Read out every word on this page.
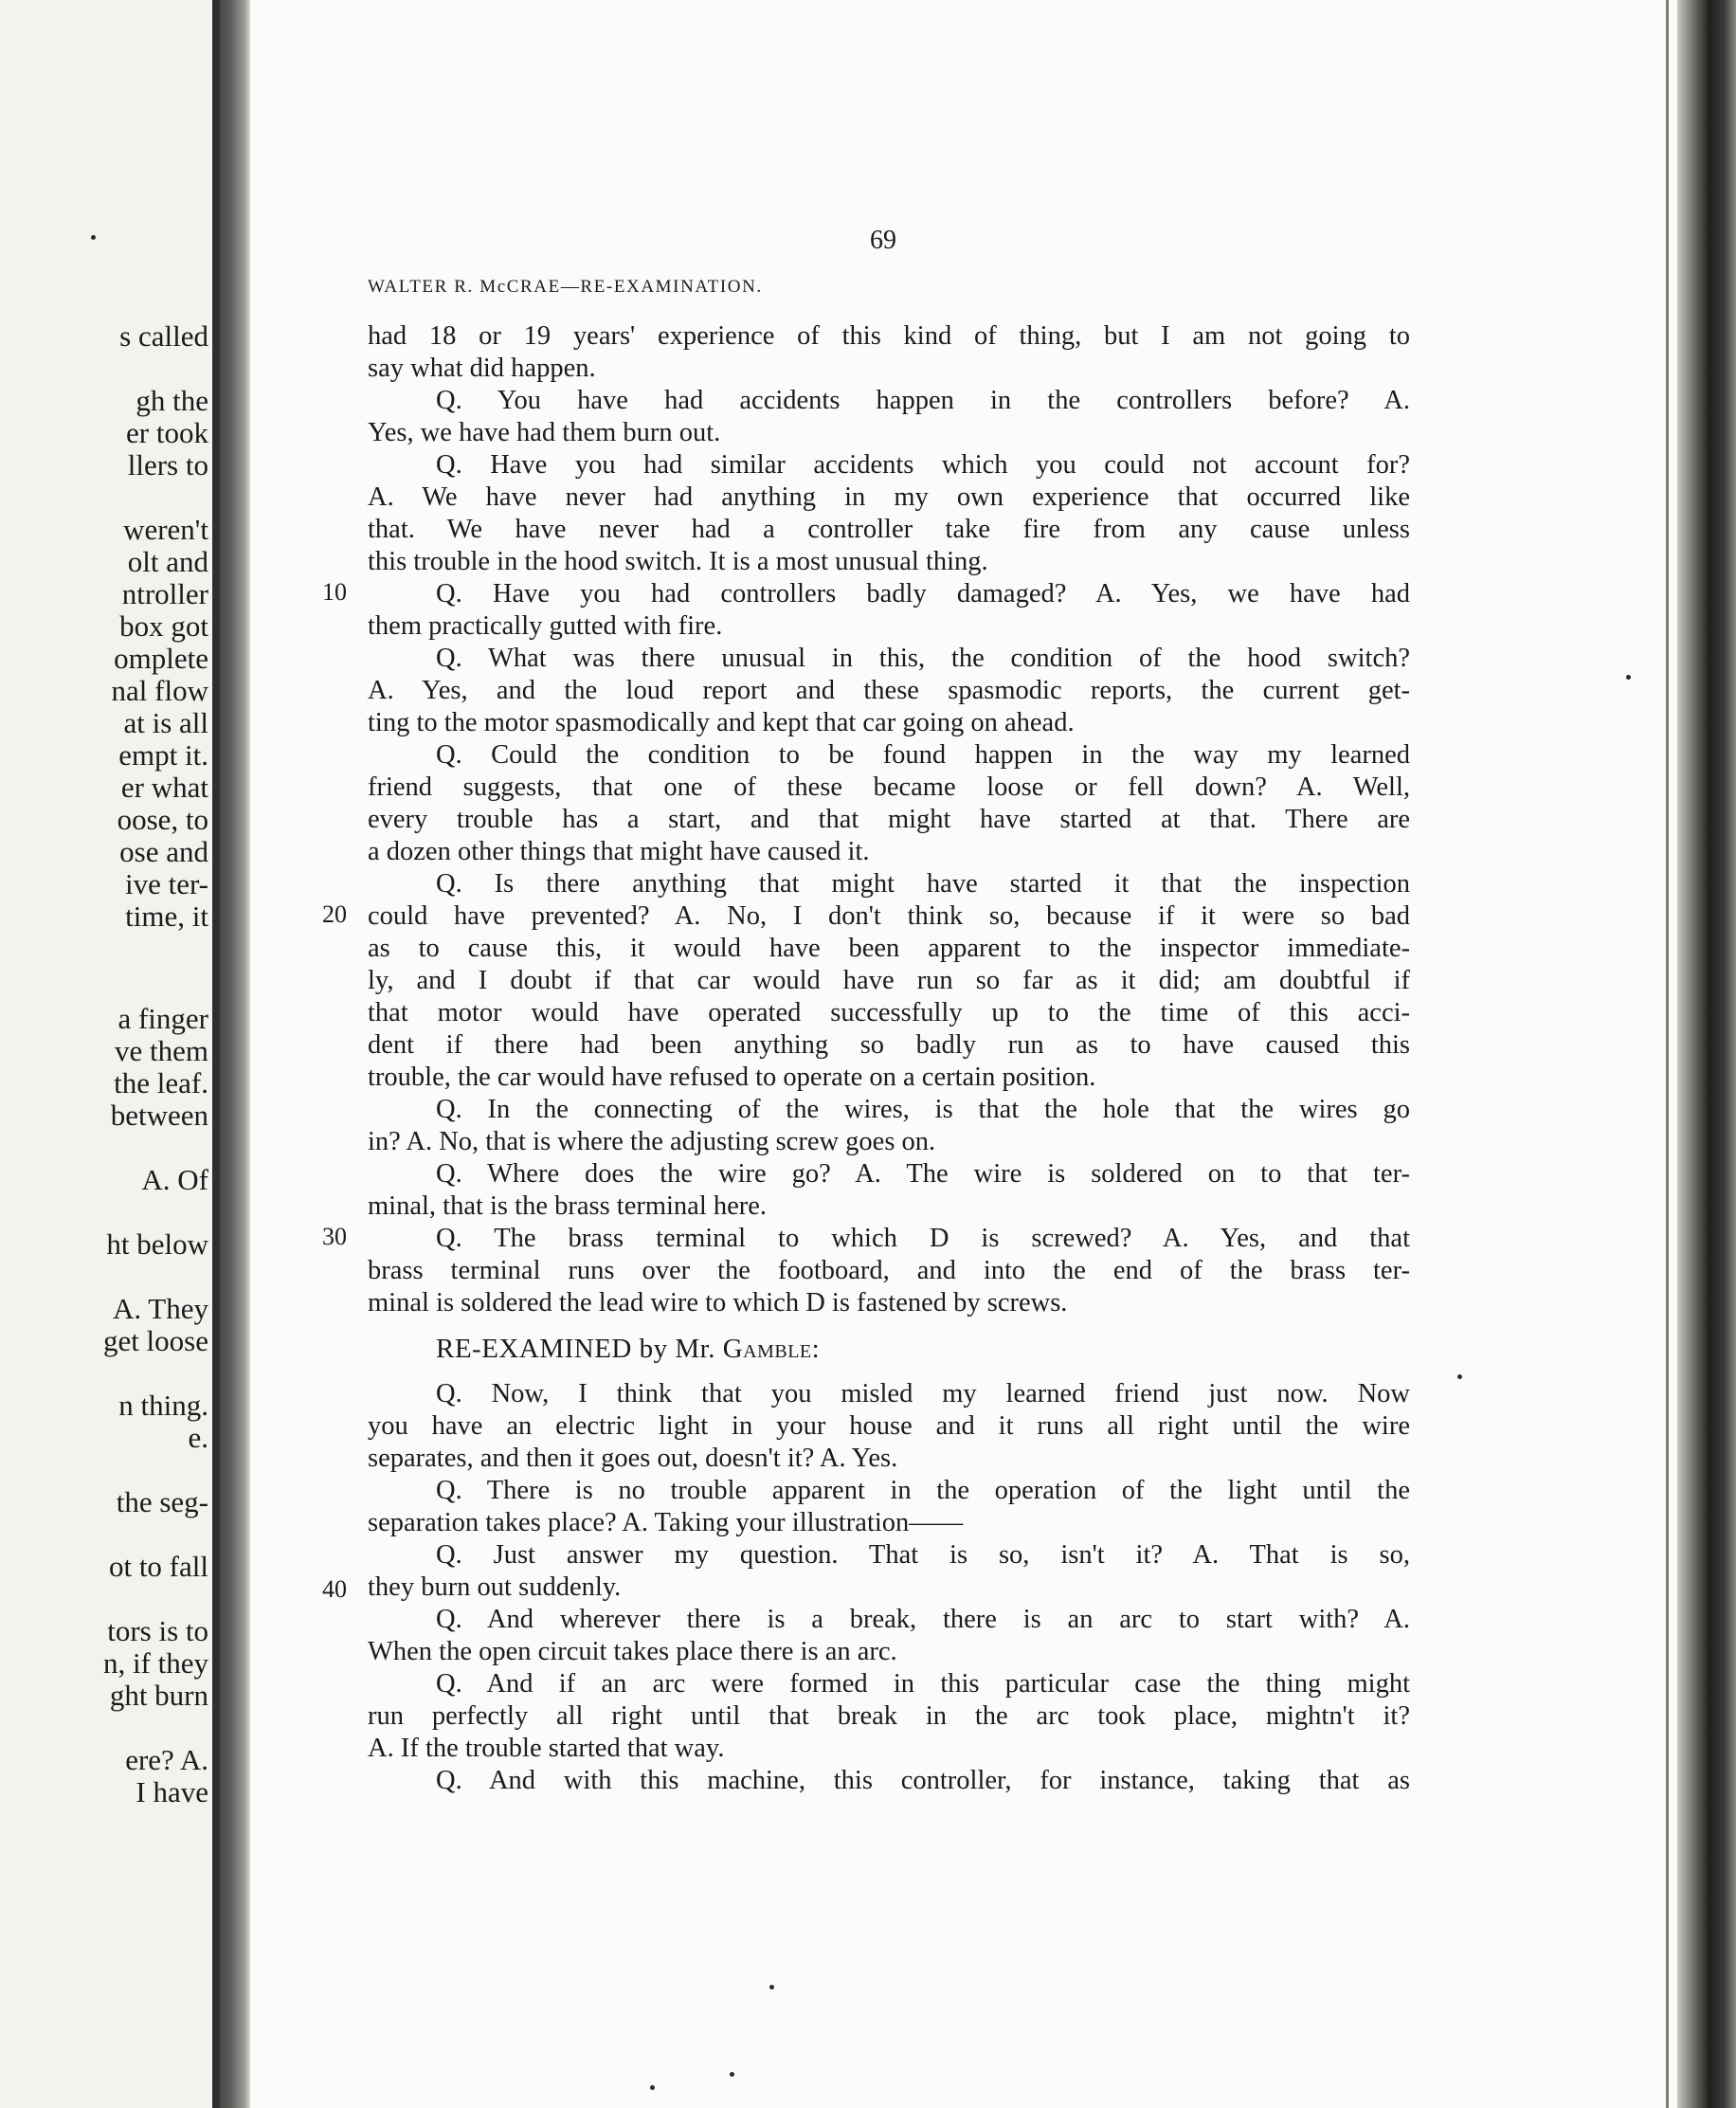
s called
gh the
er took
llers to
weren't
olt and
ntroller
box got
omplete
nal flow
at is all
empt it.
er what
oose, to
ose and
ive ter-
time, it
a finger
ve them
the leaf.
between
A. Of
ht below
A. They
get loose
n thing.
e.
the seg-
ot to fall
tors is to
n, if they
ght burn
ere? A.
I have
69
WALTER R. McCRAE—RE-EXAMINATION.
10
20
30
40
had 18 or 19 years' experience of this kind of thing, but I am not going to
say what did happen.
Q. You have had accidents happen in the controllers before? A.
Yes, we have had them burn out.
Q. Have you had similar accidents which you could not account for?
A. We have never had anything in my own experience that occurred like
that. We have never had a controller take fire from any cause unless
this trouble in the hood switch. It is a most unusual thing.
Q. Have you had controllers badly damaged? A. Yes, we have had
them practically gutted with fire.
Q. What was there unusual in this, the condition of the hood switch?
A. Yes, and the loud report and these spasmodic reports, the current get-
ting to the motor spasmodically and kept that car going on ahead.
Q. Could the condition to be found happen in the way my learned
friend suggests, that one of these became loose or fell down? A. Well,
every trouble has a start, and that might have started at that. There are
a dozen other things that might have caused it.
Q. Is there anything that might have started it that the inspection
could have prevented? A. No, I don't think so, because if it were so bad
as to cause this, it would have been apparent to the inspector immediate-
ly, and I doubt if that car would have run so far as it did; am doubtful if
that motor would have operated successfully up to the time of this acci-
dent if there had been anything so badly run as to have caused this
trouble, the car would have refused to operate on a certain position.
Q. In the connecting of the wires, is that the hole that the wires go
in? A. No, that is where the adjusting screw goes on.
Q. Where does the wire go? A. The wire is soldered on to that ter-
minal, that is the brass terminal here.
Q. The brass terminal to which D is screwed? A. Yes, and that
brass terminal runs over the footboard, and into the end of the brass ter-
minal is soldered the lead wire to which D is fastened by screws.
RE-EXAMINED by Mr. Gamble:
Q. Now, I think that you misled my learned friend just now. Now
you have an electric light in your house and it runs all right until the wire
separates, and then it goes out, doesn't it? A. Yes.
Q. There is no trouble apparent in the operation of the light until the
separation takes place? A. Taking your illustration——
Q. Just answer my question. That is so, isn't it? A. That is so,
they burn out suddenly.
Q. And wherever there is a break, there is an arc to start with? A.
When the open circuit takes place there is an arc.
Q. And if an arc were formed in this particular case the thing might
run perfectly all right until that break in the arc took place, mightn't it?
A. If the trouble started that way.
Q. And with this machine, this controller, for instance, taking that as
